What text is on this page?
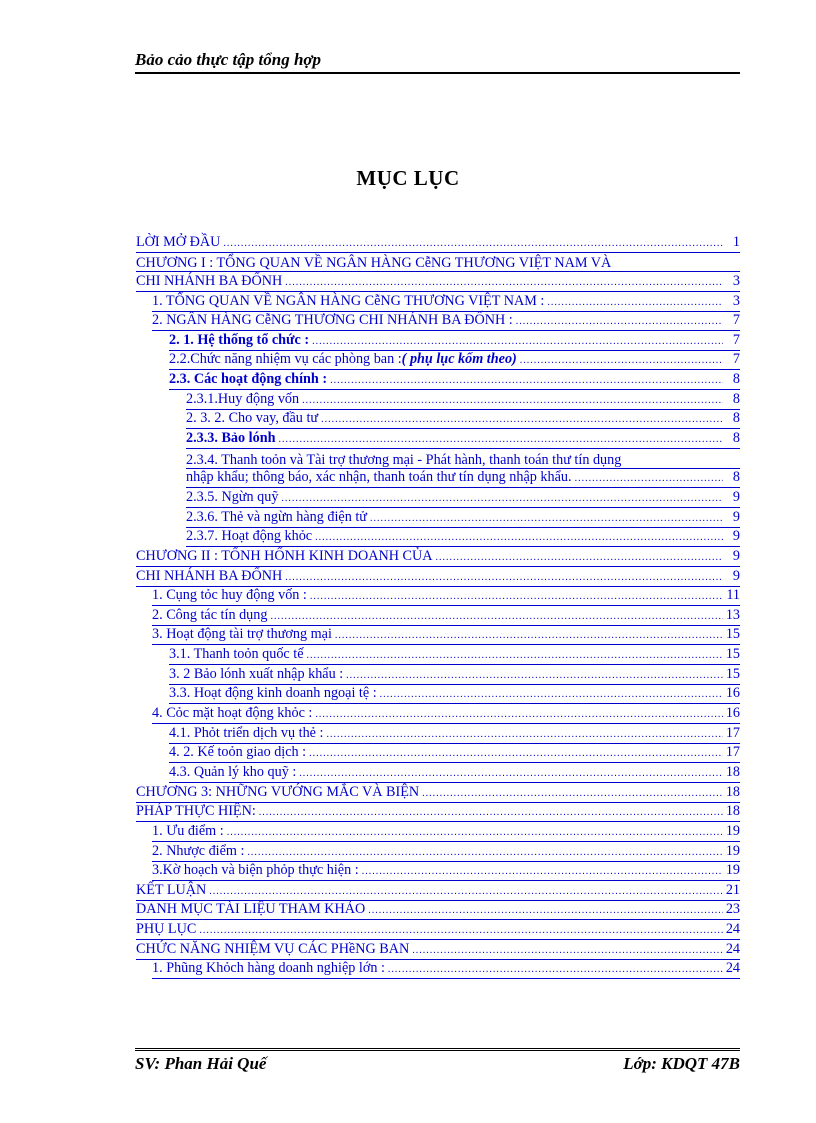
Bảo cảo thực tập tổng hợp
MỤC LỤC
LỜI MỞ ĐẦU .....	1
CHƯƠNG I : TỔNG QUAN VỀ NGÂN HÀNG CễNG THƯƠNG VIỆT NAM VÀ
CHI NHÁNH BA ĐỐNH .....	3
1. TỔNG QUAN VỀ NGÂN HÀNG CễNG THƯƠNG VIỆT NAM : .....	3
2. NGÂN HÀNG CễNG THƯƠNG CHI NHÁNH BA ĐỐNH : .....	7
2. 1. Hệ thống tổ chức : .....	7
2.2.Chức năng nhiệm vụ các phòng ban : ( phụ lục kốm theo) .....	7
2.3. Các hoạt động chính : .....	8
2.3.1.Huy động vốn .....	8
2. 3. 2. Cho vay, đầu tư .....	8
2.3.3. Bảo lónh .....	8
2.3.4. Thanh toỏn và Tài trợ thương mại - Phát hành, thanh toán thư tín dụng
nhập khẩu; thông báo, xác nhận, thanh toán thư tín dụng nhập khẩu. .....	8
2.3.5. Ngừn quỹ .....	9
2.3.6. Thẻ và ngừn hàng điện tử .....	9
2.3.7. Hoạt động khỏc .....	9
CHƯƠNG II : TỐNH HỐNH KINH DOANH CỦA .....	9
CHI NHÁNH BA ĐỐNH .....	9
1. Cụng tỏc huy động vốn : .....	11
2. Công tác tín dụng .....	13
3. Hoạt động tài trợ thương mại .....	15
3.1. Thanh toỏn quốc tế .....	15
3. 2 Bảo lónh xuất nhập khẩu : .....	15
3.3. Hoạt động kinh doanh ngoại tệ : .....	16
4. Cỏc mặt hoạt động khỏc : .....	16
4.1. Phỏt triển dịch vụ thẻ : .....	17
4. 2. Kế toỏn giao dịch : .....	17
4.3. Quản lý kho quỹ : .....	18
CHƯƠNG 3: NHỮNG VƯỚNG MẮC VÀ BIỆN .....	18
PHÁP THỰC HIỆN: .....	18
1. Ưu điểm : .....	19
2. Nhược điểm : .....	19
3.Kờ hoạch và biện phỏp thực hiện : .....	19
KẾT LUẬN .....	21
DANH MỤC TÀI LIỆU THAM KHẢO .....	23
PHỤ LỤC .....	24
CHỨC NĂNG NHIỆM VỤ CÁC PHềNG BAN .....	24
1. Phũng Khỏch hàng doanh nghiệp lớn : .....	24
SV: Phan Hải Quế	Lớp: KDQT 47B
